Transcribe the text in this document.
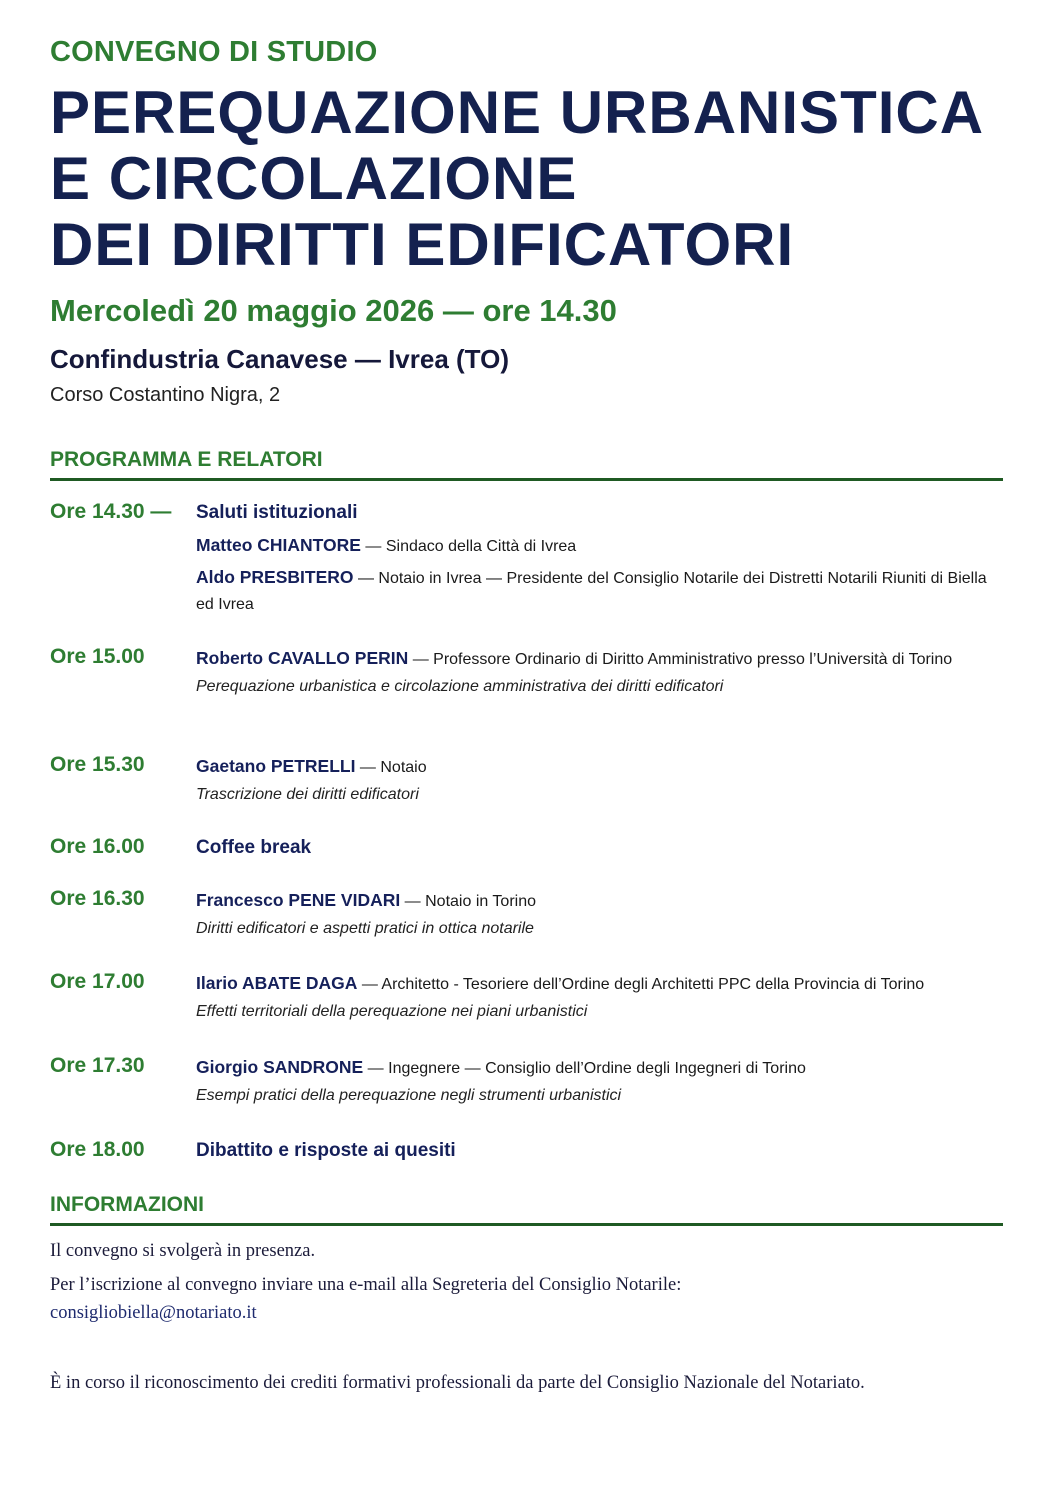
CONVEGNO DI STUDIO
PEREQUAZIONE URBANISTICA
E CIRCOLAZIONE
DEI DIRITTI EDIFICATORI
Mercoledì 20 maggio 2026 — ore 14.30
Confindustria Canavese — Ivrea (TO)
Corso Costantino Nigra, 2
PROGRAMMA E RELATORI
Ore 14.30 — Saluti istituzionali
Matteo CHIANTORE — Sindaco della Città di Ivrea
Aldo PRESBITERO — Notaio in Ivrea — Presidente del Consiglio Notarile dei Distretti Notarili Riuniti di Biella ed Ivrea
Ore 15.00	Roberto CAVALLO PERIN — Professore Ordinario di Diritto Amministrativo presso l’Università di Torino
Perequazione urbanistica e circolazione amministrativa dei diritti edificatori
Ore 15.30	Gaetano PETRELLI — Notaio
Trascrizione dei diritti edificatori
Ore 16.00	Coffee break
Ore 16.30	Francesco PENE VIDARI — Notaio in Torino
Diritti edificatori e aspetti pratici in ottica notarile
Ore 17.00	Ilario ABATE DAGA — Architetto - Tesoriere dell’Ordine degli Architetti PPC della Provincia di Torino
Effetti territoriali della perequazione nei piani urbanistici
Ore 17.30	Giorgio SANDRONE — Ingegnere — Consiglio dell’Ordine degli Ingegneri di Torino
Esempi pratici della perequazione negli strumenti urbanistici
Ore 18.00	Dibattito e risposte ai quesiti
INFORMAZIONI
Il convegno si svolgerà in presenza.
Per l’iscrizione al convegno inviare una e-mail alla Segreteria del Consiglio Notarile:
consigliobiella@notariato.it
È in corso il riconoscimento dei crediti formativi professionali da parte del Consiglio Nazionale del Notariato.
